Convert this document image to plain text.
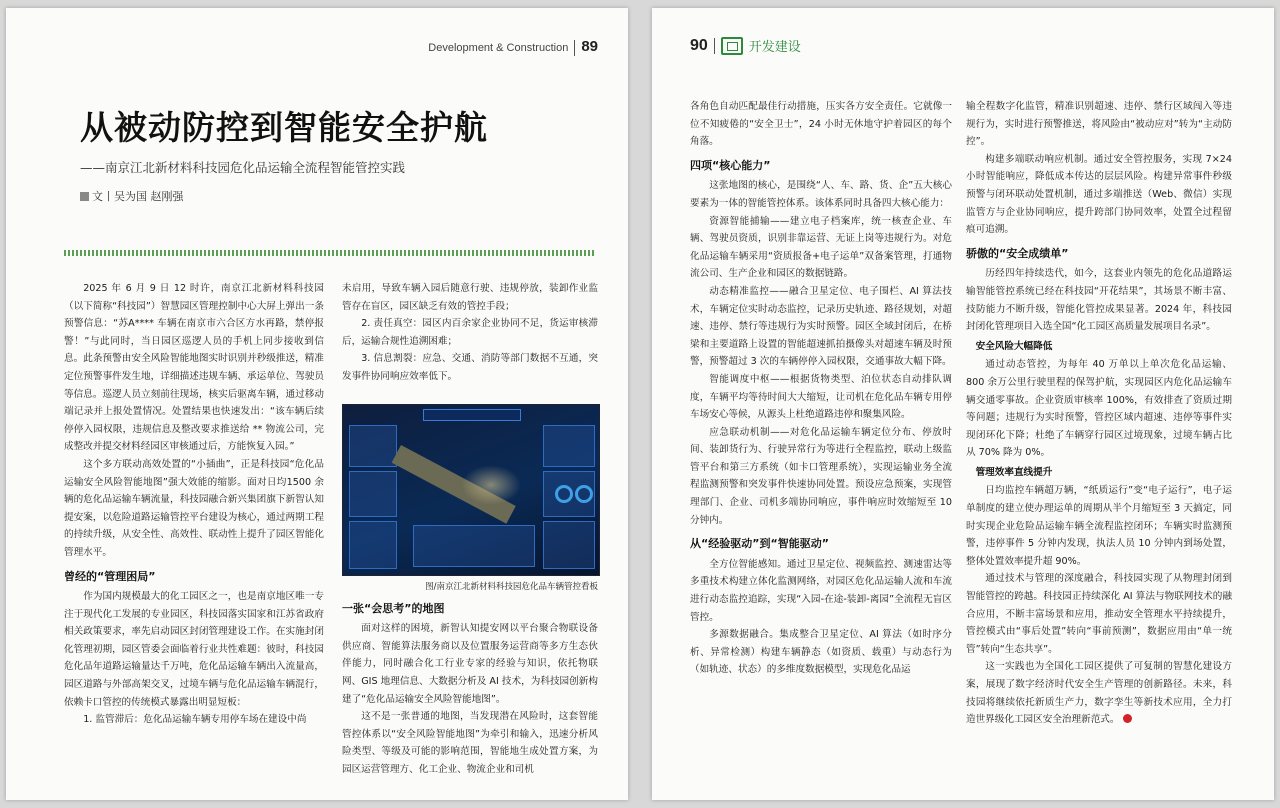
Development & Construction 89
从被动防控到智能安全护航
——南京江北新材料科技园危化品运输全流程智能管控实践
文丨吴为国 赵刚强

2025 年 6 月 9 日 12 时许，南京江北新材料科技园（以下简称“科技园”）智慧园区管理控制中心大屏上弹出一条预警信息：“苏A**** 车辆在南京市六合区方水再路，禁停报警！”与此同时，当日园区巡逻人员的手机上同步接收到信息。此条预警由安全风险智能地图实时识别并秒级推送，精准定位预警事件发生地，详细描述违规车辆、承运单位、驾驶员等信息。巡逻人员立刻前往现场，核实后驱离车辆，通过移动端记录并上报处置情况。处置结果也快速发出：“该车辆后续停停入园权限，违规信息及整改要求推送给 ** 物流公司，完成整改并提交材料经园区审核通过后，方能恢复入园。”

这个多方联动高效处置的“小插曲”，正是科技园“危化品运输安全风险智能地图”强大效能的缩影。面对日均1500 余辆的危化品运输车辆流量，科技园融合新兴集团旗下新智认知提安案，以危险道路运输管控平台建设为核心，通过两期工程的持续升级，从安全性、高效性、联动性上提升了园区智能化管理水平。

曾经的“管理困局”

作为国内规模最大的化工园区之一，也是南京地区唯一专注于现代化工发展的专业园区，科技园落实国家和江苏省政府相关政策要求，率先启动园区封闭管理建设工作。在实施封闭化管理初期，园区管委会面临着行业共性难题：彼时，科技园危化品年道路运输量达千万吨，危化品运输车辆出入流量高，园区道路与外部高架交叉，过境车辆与危化品运输车辆混行，依赖卡口管控的传统模式暴露出明显短板：

1. 监管滞后：危化品运输车辆专用停车场在建设中尚

未启用，导致车辆入园后随意行驶、违规停放，装卸作业监管存在盲区，园区缺乏有效的管控手段；

2. 责任真空：园区内百余家企业协同不足，货运审核滞后，运输合规性追溯困难；

3. 信息割裂：应急、交通、消防等部门数据不互通，突发事件协同响应效率低下。

图/南京江北新材料科技园危化品车辆管控看板
一张“会思考”的地图

面对这样的困境，新智认知提安网以平台聚合物联设备供应商、智能算法服务商以及位置服务运营商等多方生态伙伴能力，同时融合化工行业专家的经验与知识，依托物联网、GIS 地理信息、大数据分析及 AI 技术，为科技园创新构建了“危化品运输安全风险智能地图”。

这不是一张普通的地图，当发现潜在风险时，这套智能管控体系以“安全风险智能地图”为牵引和输入，迅速分析风险类型、等级及可能的影响范围，智能地生成处置方案，为园区运营管理方、化工企业、物流企业和司机

90	开发建设

各角色自动匹配最佳行动措施，压实各方安全责任。它就像一位不知疲倦的“安全卫士”，24 小时无休地守护着园区的每个角落。

四项“核心能力”

这张地图的核心，是围绕“人、车、路、货、企”五大核心要素为一体的智能管控体系。该体系同时具备四大核心能力：

资源智能捕输——建立电子档案库，统一核查企业、车辆、驾驶员资质，识别非靠运营、无证上岗等违规行为。对危化品运输车辆采用“资质报备+电子运单”双备案管理，打通物流公司、生产企业和园区的数据链路。

动态精准监控——融合卫星定位、电子围栏、AI 算法技术，车辆定位实时动态监控，记录历史轨迹、路径规划，对超速、违停、禁行等违规行为实时预警。园区全域封闭后，在桥梁和主要道路上设置的智能超速抓拍摄像头对超速车辆及时预警，预警超过 3 次的车辆停停入园权限，交通事故大幅下降。

智能调度中枢——根据货物类型、泊位状态自动排队调度，车辆平均等待时间大大缩短，让司机在危化品车辆专用停车场安心等候，从源头上杜绝道路违停和聚集风险。

应急联动机制——对危化品运输车辆定位分布、停放时间、装卸货行为、行驶异常行为等进行全程监控，联动上级监管平台和第三方系统（如卡口管理系统），实现运输业务全流程监测预警和突发事件快速协同处置。预设应急预案，实现管理部门、企业、司机多端协同响应，事件响应时效缩短至 10 分钟内。

从“经验驱动”到“智能驱动”

全方位智能感知。通过卫星定位、视频监控、测速雷达等多重技术构建立体化监测网络，对园区危化品运输人流和车流进行动态监控追踪，实现“入园-在途-装卸-离园”全流程无盲区管控。

多源数据融合。集成整合卫星定位、AI 算法（如时序分析、异常检测）构建车辆静态（如资质、载重）与动态行为（如轨迹、状态）的多维度数据模型，实现危化品运

输全程数字化监管，精准识别超速、违停、禁行区域闯入等违规行为，实时进行预警推送，将风险由“被动应对”转为“主动防控”。

构建多端联动响应机制。通过安全管控服务，实现 7×24 小时智能响应，降低成本传达的层层风险。构建异常事件秒级预警与闭环联动处置机制，通过多端推送（Web、微信）实现监管方与企业协同响应，提升跨部门协同效率，处置全过程留痕可追溯。

骄傲的“安全成绩单”

历经四年持续迭代，如今，这套业内领先的危化品道路运输智能管控系统已经在科技园“开花结果”，其场景不断丰富、技防能力不断升级，智能化管控成果显著。2024 年，科技园封闭化管理项目入选全国“化工园区高质量发展项目名录”。

安全风险大幅降低

通过动态管控，为每年 40 万单以上单次危化品运输、800 余万公里行驶里程的保驾护航，实现园区内危化品运输车辆交通零事故。企业资质审核率 100%，有效排查了资质过期等问题；违规行为实时预警，管控区域内超速、违停等事件实现闭环化下降；杜绝了车辆穿行园区过境现象，过境车辆占比从 70% 降为 0%。

管理效率直线提升

日均监控车辆超万辆，“纸质运行”变“电子运行”，电子运单制度的建立使办理运单的周期从半个月缩短至 3 天搞定，同时实现企业危险品运输车辆全流程监控闭环；车辆实时监测预警，违停事件 5 分钟内发现，执法人员 10 分钟内到场处置，整体处置效率提升超 90%。

通过技术与管理的深度融合，科技园实现了从物理封闭到智能管控的跨越。科技园正持续深化 AI 算法与物联网技术的融合应用，不断丰富场景和应用，推动安全管理水平持续提升，管控模式由“事后处置”转向“事前预测”，数据应用由“单一统管”转向“生态共享”。

这一实践也为全国化工园区提供了可复制的智慧化建设方案，展现了数字经济时代安全生产管理的创新路径。未来，科技园将继续依托新质生产力，数字孪生等新技术应用，全力打造世界级化工园区安全治理新范式。
